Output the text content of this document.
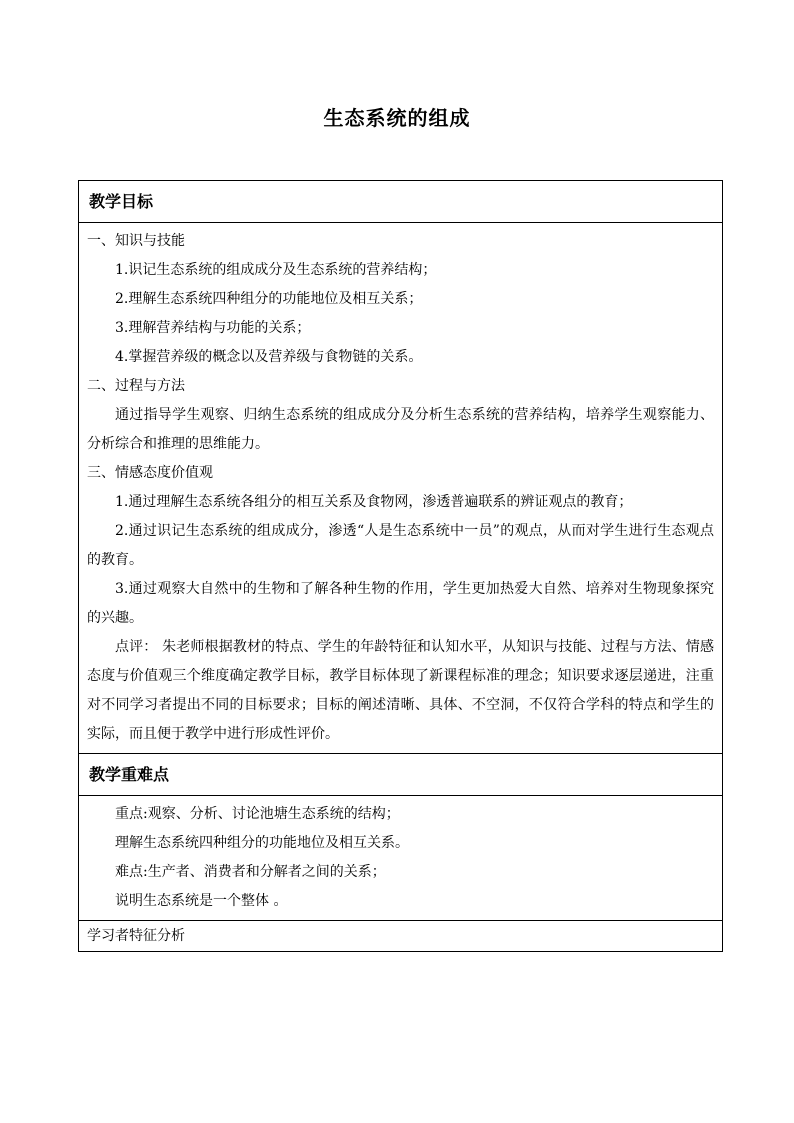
生态系统的组成
教学目标
一、知识与技能
1.识记生态系统的组成成分及生态系统的营养结构；
2.理解生态系统四种组分的功能地位及相互关系；
3.理解营养结构与功能的关系；
4.掌握营养级的概念以及营养级与食物链的关系。
二、过程与方法
通过指导学生观察、归纳生态系统的组成成分及分析生态系统的营养结构，培养学生观察能力、分析综合和推理的思维能力。
三、情感态度价值观
1.通过理解生态系统各组分的相互关系及食物网，渗透普遍联系的辨证观点的教育；
2.通过识记生态系统的组成成分，渗透“人是生态系统中一员”的观点，从而对学生进行生态观点的教育。
3.通过观察大自然中的生物和了解各种生物的作用，学生更加热爱大自然、培养对生物现象探究的兴趣。
点评： 朱老师根据教材的特点、学生的年龄特征和认知水平，从知识与技能、过程与方法、情感态度与价值观三个维度确定教学目标，教学目标体现了新课程标准的理念；知识要求逐层递进，注重对不同学习者提出不同的目标要求；目标的阐述清晰、具体、不空洞，不仅符合学科的特点和学生的实际，而且便于教学中进行形成性评价。
教学重难点
重点:观察、分析、讨论池塘生态系统的结构；
理解生态系统四种组分的功能地位及相互关系。
难点:生产者、消费者和分解者之间的关系；
说明生态系统是一个整体 。
学习者特征分析
